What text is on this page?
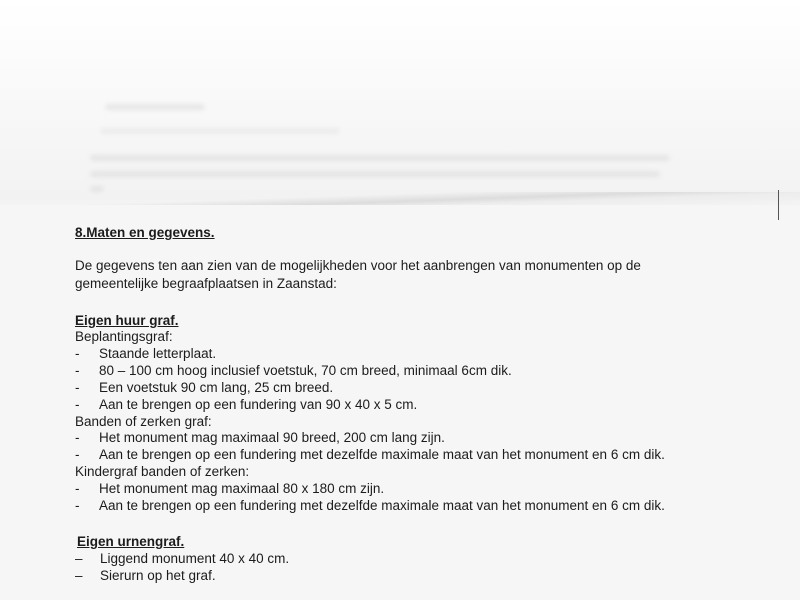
8.Maten en gegevens.

De gegevens ten aan zien van de mogelijkheden voor het aanbrengen van monumenten op de gemeentelijke begraafplaatsen in Zaanstad:

Eigen huur graf.

Beplantingsgraf:

- Staande letterplaat.
- 80 – 100 cm hoog inclusief voetstuk, 70 cm breed, minimaal 6cm dik.
- Een voetstuk 90 cm lang, 25 cm breed.
- Aan te brengen op een fundering van 90 x 40 x 5 cm.

Banden of zerken graf:

- Het monument mag maximaal 90 breed, 200 cm lang zijn.
- Aan te brengen op een fundering met dezelfde maximale maat van het monument en 6 cm dik.

Kindergraf banden of zerken:

- Het monument mag maximaal 80 x 180 cm zijn.
- Aan te brengen op een fundering met dezelfde maximale maat van het monument en 6 cm dik.

Eigen urnengraf.

– Liggend monument 40 x 40 cm.
– Sierurn op het graf.
